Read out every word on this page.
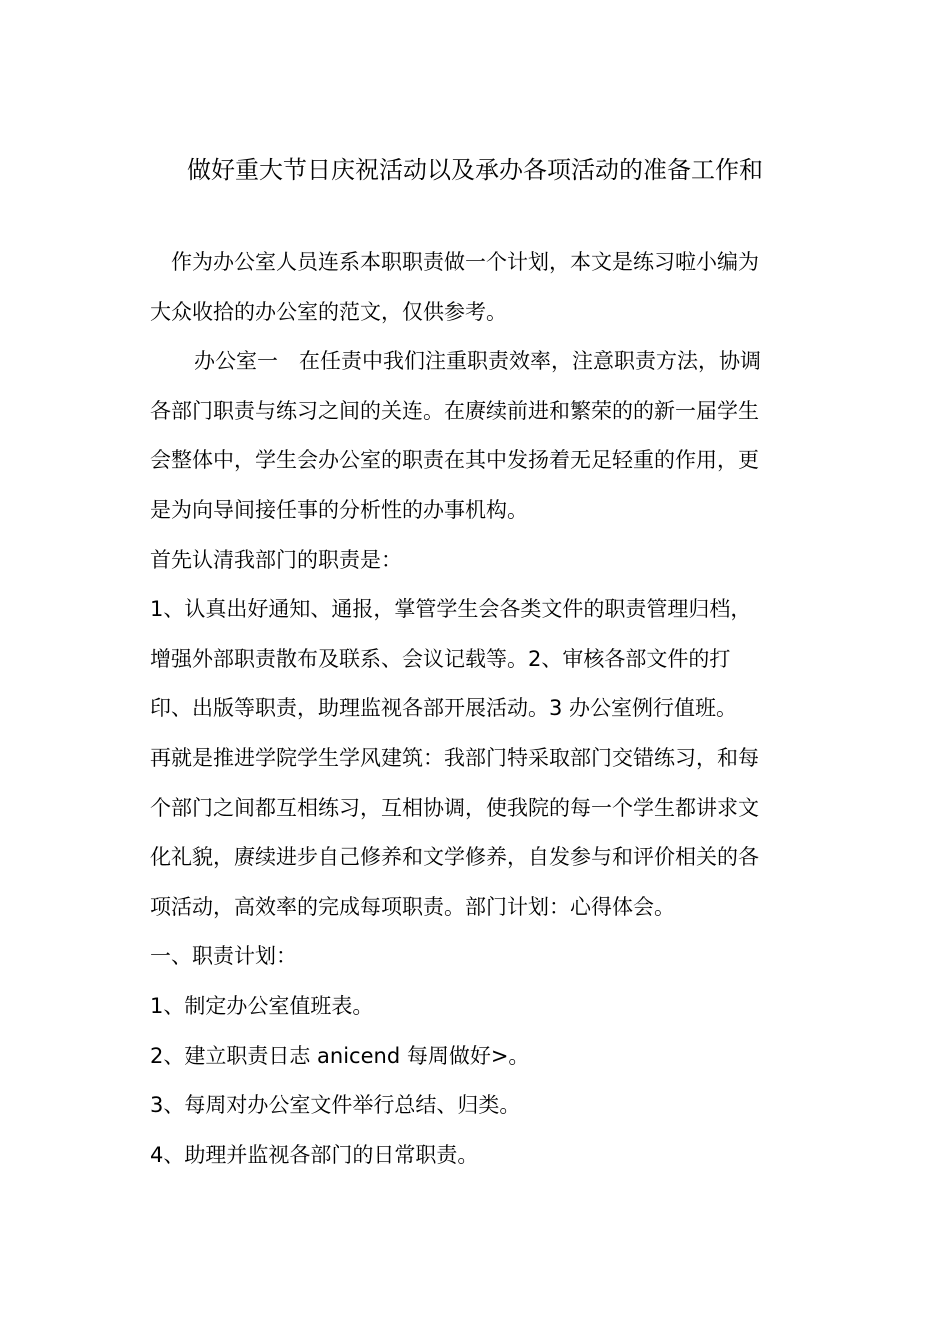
做好重大节日庆祝活动以及承办各项活动的准备工作和
作为办公室人员连系本职职责做一个计划，本文是练习啦小编为
大众收拾的办公室的范文，仅供参考。
办公室一　在任责中我们注重职责效率，注意职责方法，协调
各部门职责与练习之间的关连。在赓续前进和繁荣的的新一届学生
会整体中，学生会办公室的职责在其中发扬着无足轻重的作用，更
是为向导间接任事的分析性的办事机构。
首先认清我部门的职责是：
1、认真出好通知、通报，掌管学生会各类文件的职责管理归档，
增强外部职责散布及联系、会议记载等。2、审核各部文件的打
印、出版等职责，助理监视各部开展活动。3 办公室例行值班。
再就是推进学院学生学风建筑：我部门特采取部门交错练习，和每
个部门之间都互相练习，互相协调，使我院的每一个学生都讲求文
化礼貌，赓续进步自己修养和文学修养，自发参与和评价相关的各
项活动，高效率的完成每项职责。部门计划：心得体会。
一、职责计划：
1、制定办公室值班表。
2、建立职责日志 anicend 每周做好>。
3、每周对办公室文件举行总结、归类。
4、助理并监视各部门的日常职责。
